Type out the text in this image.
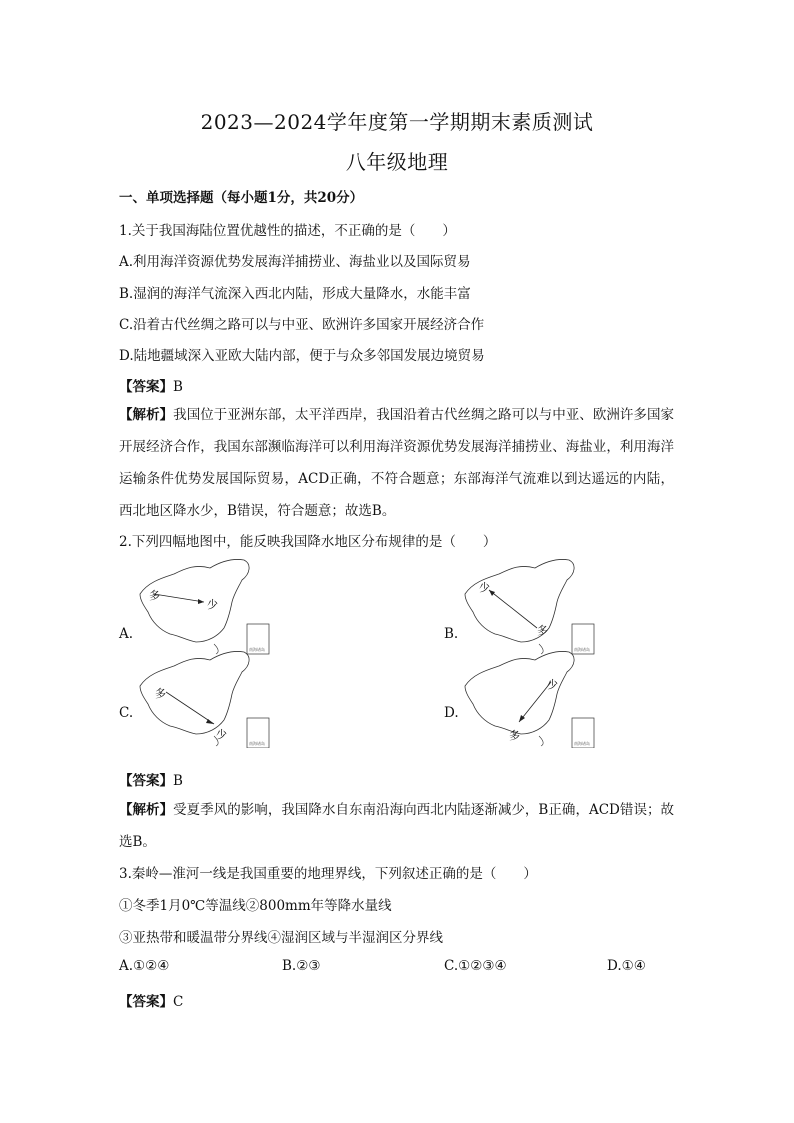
2023—2024学年度第一学期期末素质测试
八年级地理
一、单项选择题（每小题1分，共20分）
1.关于我国海陆位置优越性的描述，不正确的是（　　）
A.利用海洋资源优势发展海洋捕捞业、海盐业以及国际贸易
B.湿润的海洋气流深入西北内陆，形成大量降水，水能丰富
C.沿着古代丝绸之路可以与中亚、欧洲许多国家开展经济合作
D.陆地疆域深入亚欧大陆内部，便于与众多邻国发展边境贸易
【答案】B
【解析】我国位于亚洲东部，太平洋西岸，我国沿着古代丝绸之路可以与中亚、欧洲许多国家开展经济合作，我国东部濒临海洋可以利用海洋资源优势发展海洋捕捞业、海盐业，利用海洋运输条件优势发展国际贸易，ACD正确，不符合题意；东部海洋气流难以到达遥远的内陆，西北地区降水少，B错误，符合题意；故选B。
2.下列四幅地图中，能反映我国降水地区分布规律的是（　　）
A.	B.
C.	D.
南海诸岛
多
少
南海诸岛
少
多
南海诸岛
多
少
南海诸岛
少
多
【答案】B
【解析】受夏季风的影响，我国降水自东南沿海向西北内陆逐渐减少，B正确，ACD错误；故选B。
3.秦岭—淮河一线是我国重要的地理界线，下列叙述正确的是（　　）
①冬季1月0℃等温线②800mm年等降水量线
③亚热带和暖温带分界线④湿润区域与半湿润区分界线
A.①②④	B.②③	C.①②③④	D.①④
【答案】C
